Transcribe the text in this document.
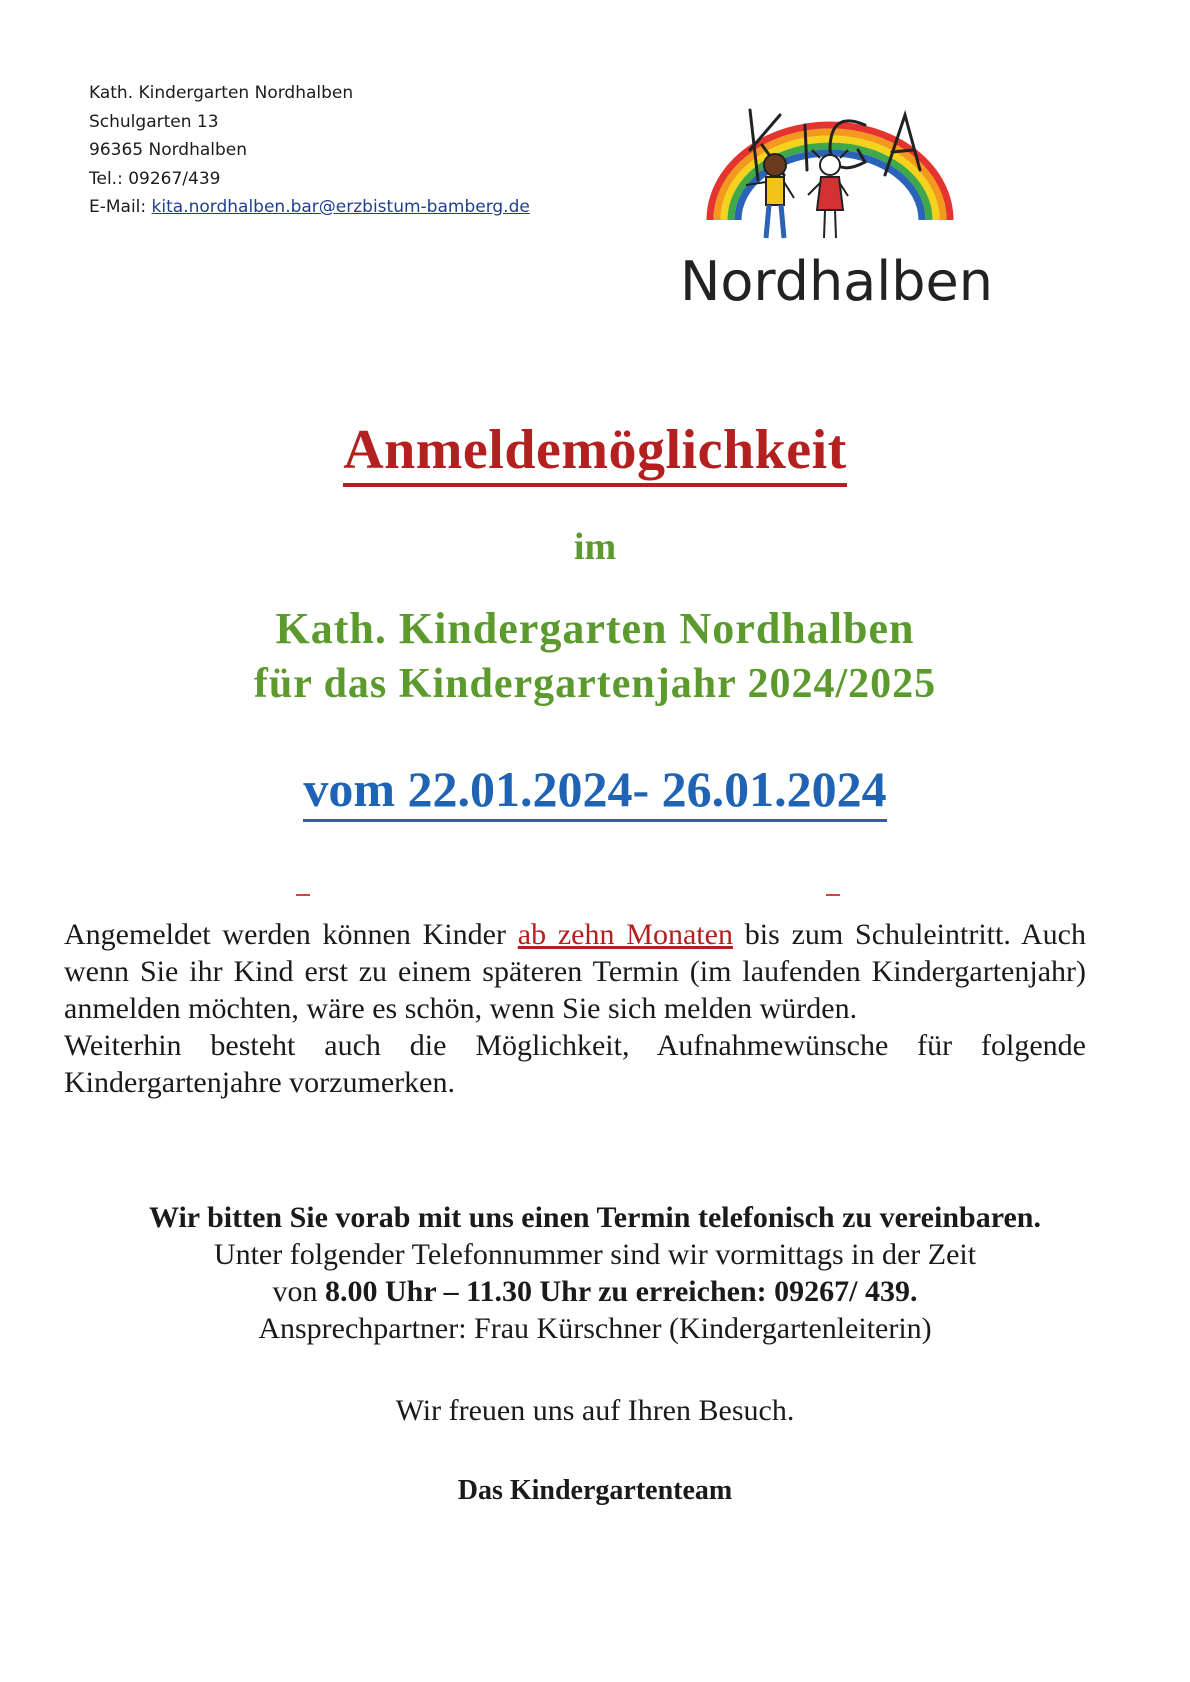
Kath. Kindergarten Nordhalben
Schulgarten 13
96365 Nordhalben
Tel.: 09267/439
E-Mail: kita.nordhalben.bar@erzbistum-bamberg.de
Nordhalben
Anmeldemöglichkeit
im
Kath. Kindergarten Nordhalben
für das Kindergartenjahr 2024/2025
vom 22.01.2024- 26.01.2024

Angemeldet werden können Kinder ab zehn Monaten bis zum Schuleintritt. Auch wenn Sie ihr Kind erst zu einem späteren Termin (im laufenden Kindergartenjahr) anmelden möchten, wäre es schön, wenn Sie sich melden würden.

Weiterhin besteht auch die Möglichkeit, Aufnahmewünsche für folgende Kindergartenjahre vorzumerken.

Wir bitten Sie vorab mit uns einen Termin telefonisch zu vereinbaren.
Unter folgender Telefonnummer sind wir vormittags in der Zeit
von 8.00 Uhr – 11.30 Uhr zu erreichen: 09267/ 439.
Ansprechpartner: Frau Kürschner (Kindergartenleiterin)
Wir freuen uns auf Ihren Besuch.
Das Kindergartenteam
